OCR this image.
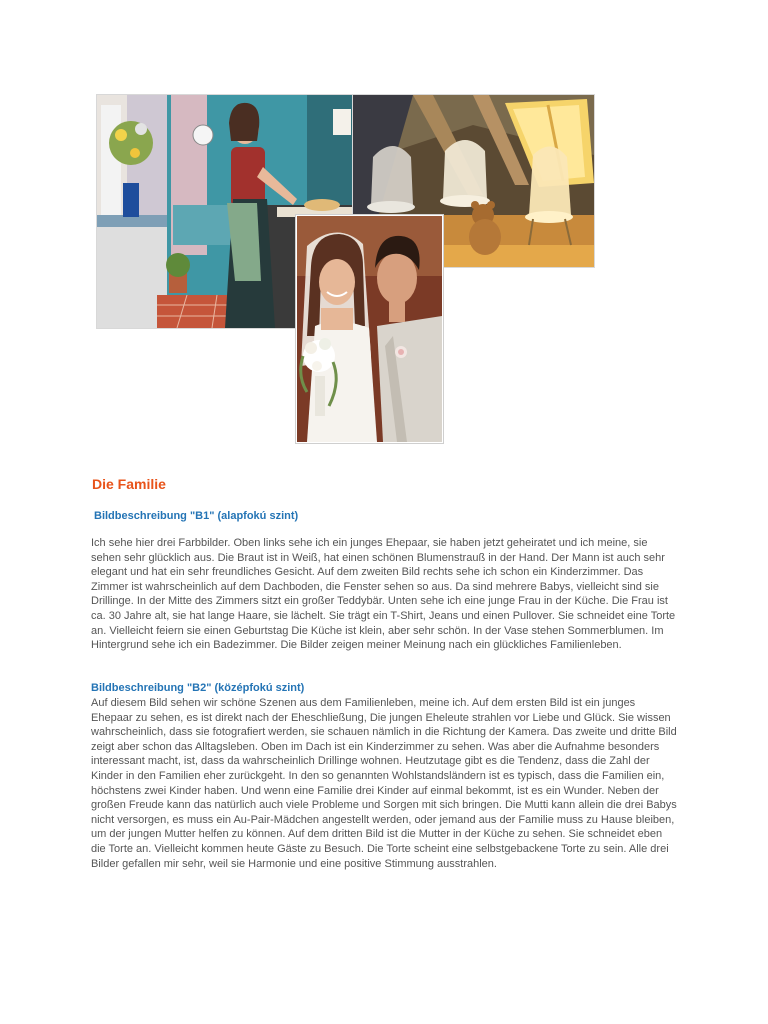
Die Familie
Bildbeschreibung "B1" (alapfokú szint)

Ich sehe hier drei Farbbilder. Oben links sehe ich ein junges Ehepaar, sie haben jetzt geheiratet und ich meine, sie sehen sehr glücklich aus. Die Braut ist in Weiß, hat einen schönen Blumenstrauß in der Hand. Der Mann ist auch sehr elegant und hat ein sehr freundliches Gesicht. Auf dem zweiten Bild rechts sehe ich schon ein Kinderzimmer. Das Zimmer ist wahrscheinlich auf dem Dachboden, die Fenster sehen so aus. Da sind mehrere Babys, vielleicht sind sie Drillinge. In der Mitte des Zimmers sitzt ein großer Teddybär. Unten sehe ich eine junge Frau in der Küche. Die Frau ist ca. 30 Jahre alt, sie hat lange Haare, sie lächelt. Sie trägt ein T-Shirt, Jeans und einen Pullover. Sie schneidet eine Torte an. Vielleicht feiern sie einen Geburtstag Die Küche ist klein, aber sehr schön. In der Vase stehen Sommerblumen. Im Hintergrund sehe ich ein Badezimmer. Die Bilder zeigen meiner Meinung nach ein glückliches Familienleben.

Bildbeschreibung "B2" (középfokú szint)

Auf diesem Bild sehen wir schöne Szenen aus dem Familienleben, meine ich. Auf dem ersten Bild ist ein junges Ehepaar zu sehen, es ist direkt nach der Eheschließung, Die jungen Eheleute strahlen vor Liebe und Glück. Sie wissen wahrscheinlich, dass sie fotografiert werden, sie schauen nämlich in die Richtung der Kamera. Das zweite und dritte Bild zeigt aber schon das Alltagsleben. Oben im Dach ist ein Kinderzimmer zu sehen. Was aber die Aufnahme besonders interessant macht, ist, dass da wahrscheinlich Drillinge wohnen. Heutzutage gibt es die Tendenz, dass die Zahl der Kinder in den Familien eher zurückgeht. In den so genannten Wohlstandsländern ist es typisch, dass die Familien ein, höchstens zwei Kinder haben. Und wenn eine Familie drei Kinder auf einmal bekommt, ist es ein Wunder. Neben der großen Freude kann das natürlich auch viele Probleme und Sorgen mit sich bringen. Die Mutti kann allein die drei Babys nicht versorgen, es muss ein Au-Pair-Mädchen angestellt werden, oder jemand aus der Familie muss zu Hause bleiben, um der jungen Mutter helfen zu können. Auf dem dritten Bild ist die Mutter in der Küche zu sehen. Sie schneidet eben die Torte an. Vielleicht kommen heute Gäste zu Besuch. Die Torte scheint eine selbstgebackene Torte zu sein. Alle drei Bilder gefallen mir sehr, weil sie Harmonie und eine positive Stimmung ausstrahlen.
